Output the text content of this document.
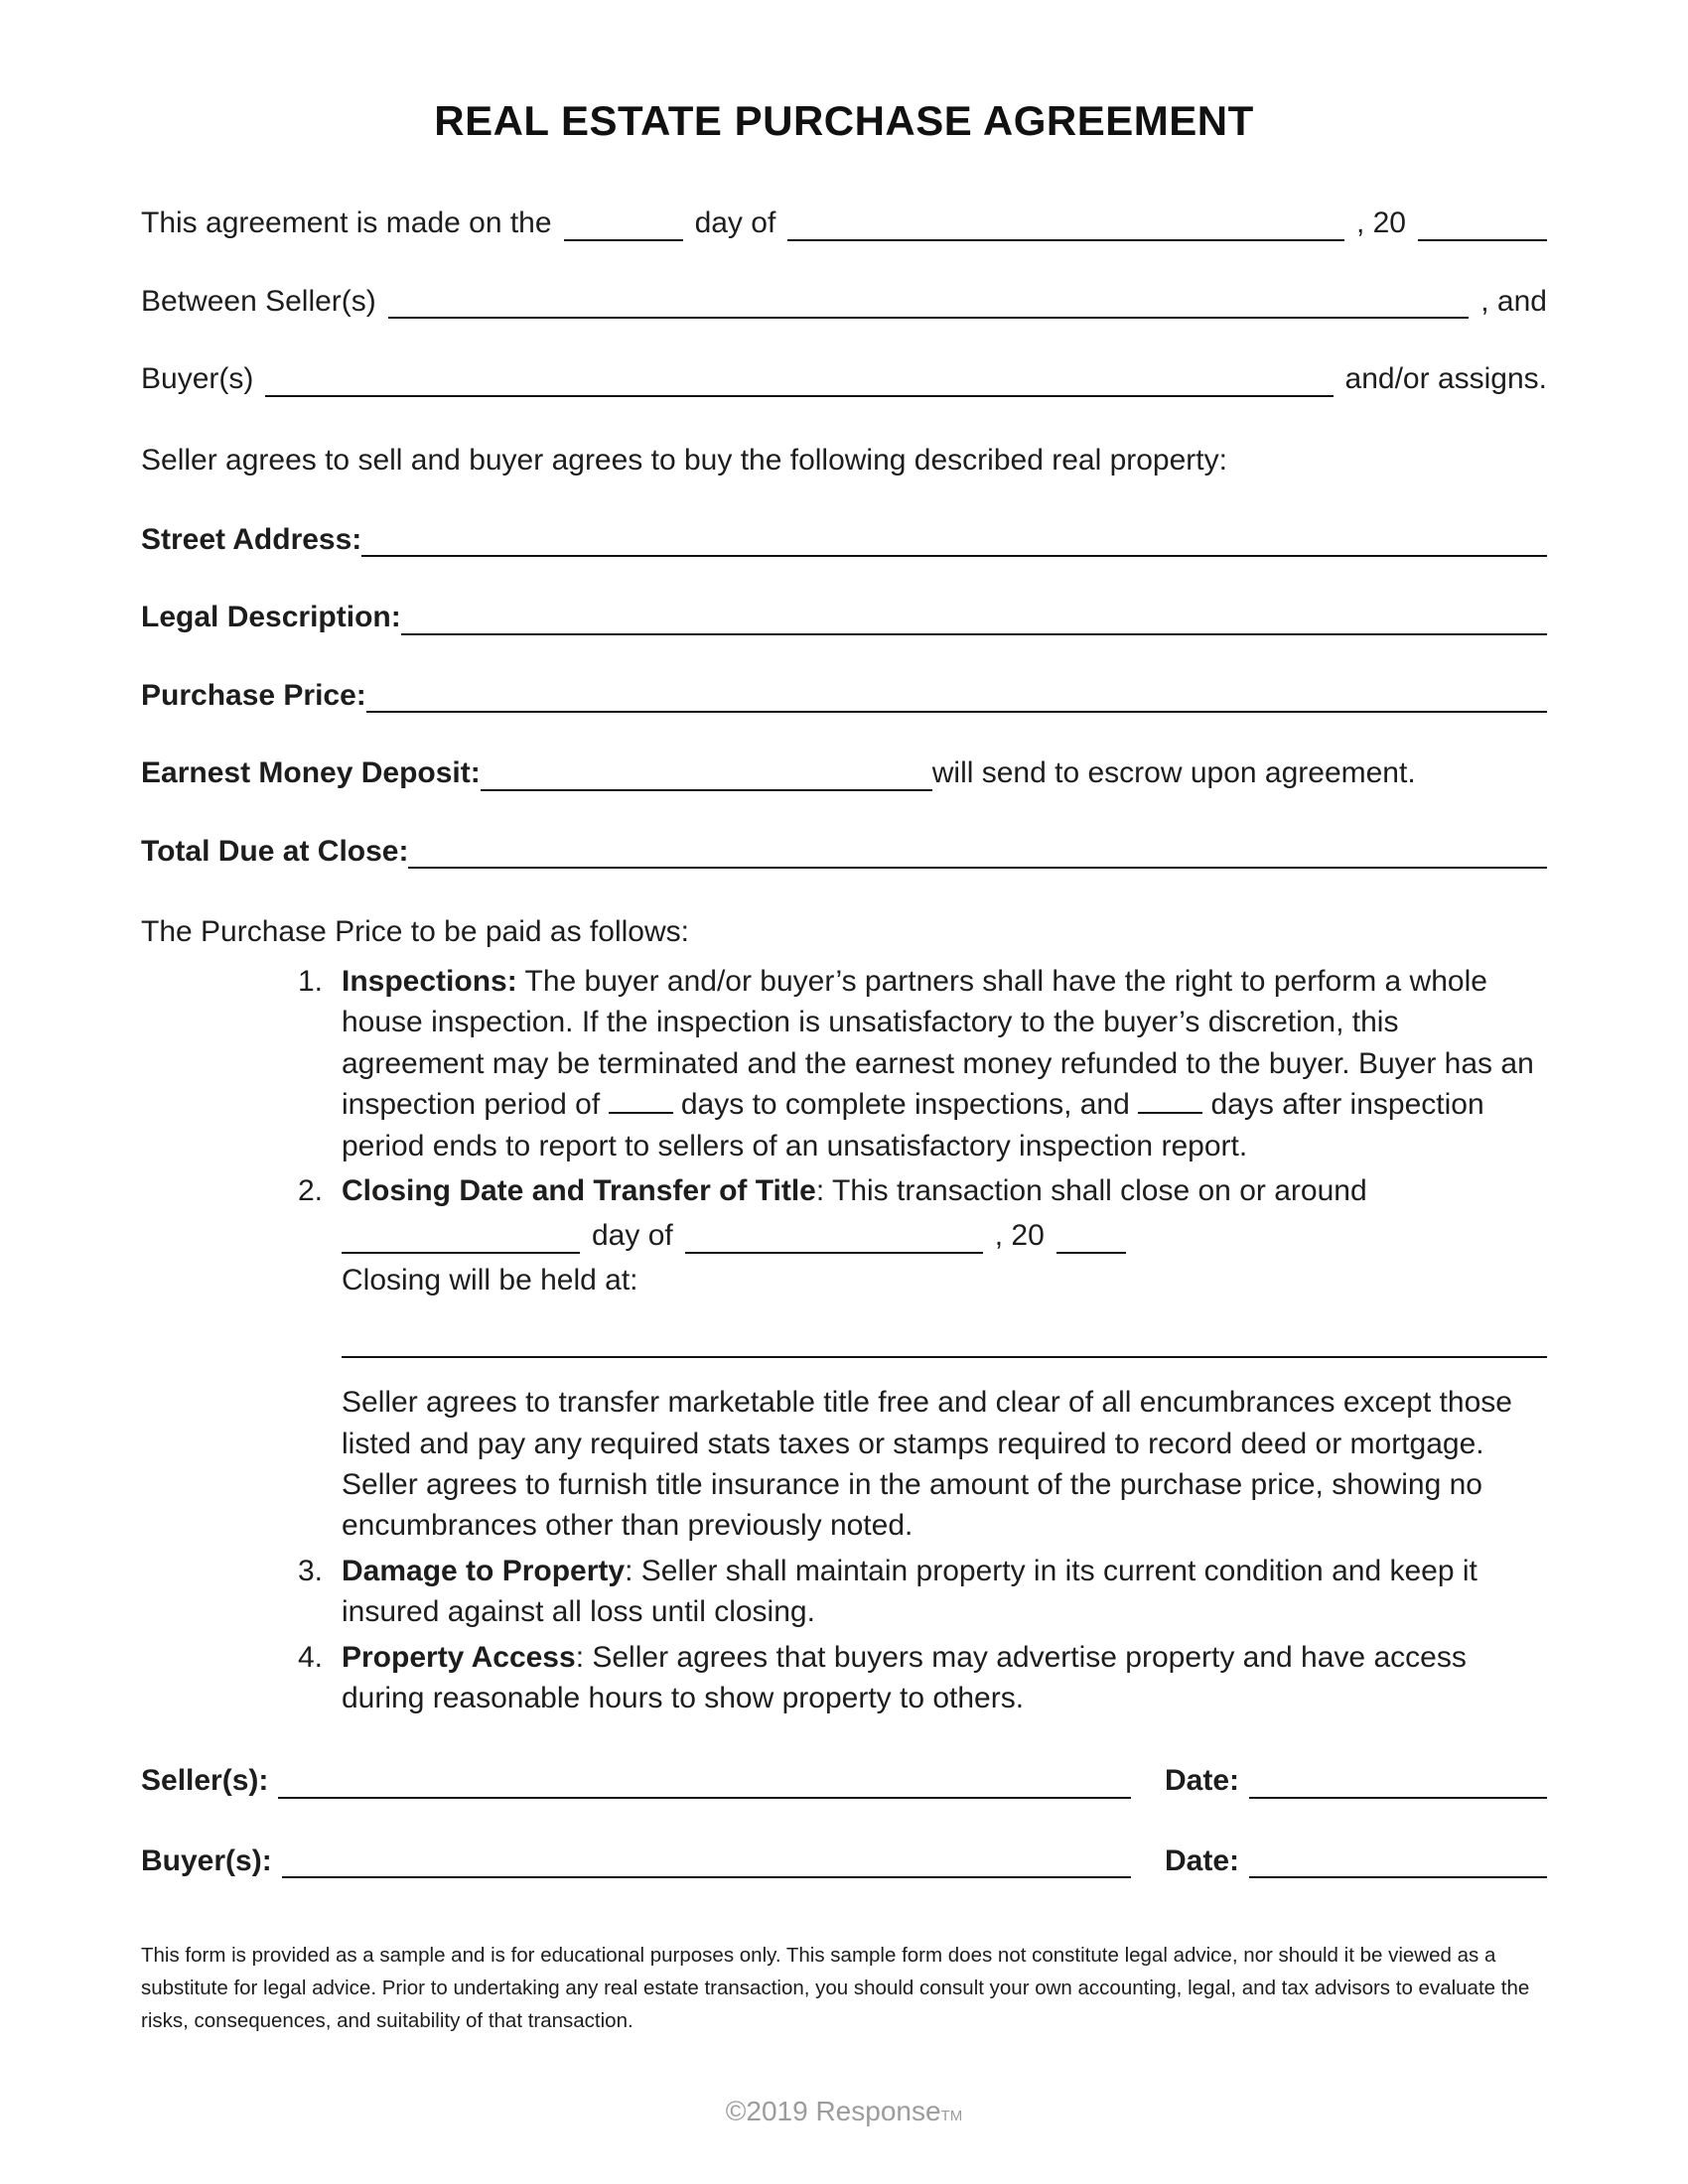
REAL ESTATE PURCHASE AGREEMENT
This agreement is made on the	day of	, 20
Between Seller(s)	, and
Buyer(s)	and/or assigns.

Seller agrees to sell and buyer agrees to buy the following described real property:

Street Address:
Legal Description:
Purchase Price:
Earnest Money Deposit:	will send to escrow upon agreement.
Total Due at Close:

The Purchase Price to be paid as follows:

1. Inspections: The buyer and/or buyer’s partners shall have the right to perform a whole house inspection. If the inspection is unsatisfactory to the buyer’s discretion, this agreement may be terminated and the earnest money refunded to the buyer. Buyer has an inspection period of	days to complete inspections, and	days after inspection period ends to report to sellers of an unsatisfactory inspection report.
2. Closing Date and Transfer of Title: This transaction shall close on or around
day of	, 20
Closing will be held at:
Seller agrees to transfer marketable title free and clear of all encumbrances except those listed and pay any required stats taxes or stamps required to record deed or mortgage. Seller agrees to furnish title insurance in the amount of the purchase price, showing no encumbrances other than previously noted.
3. Damage to Property: Seller shall maintain property in its current condition and keep it insured against all loss until closing.
4. Property Access: Seller agrees that buyers may advertise property and have access during reasonable hours to show property to others.
Seller(s):	Date:
Buyer(s):	Date:

This form is provided as a sample and is for educational purposes only. This sample form does not constitute legal advice, nor should it be viewed as a substitute for legal advice. Prior to undertaking any real estate transaction, you should consult your own accounting, legal, and tax advisors to evaluate the risks, consequences, and suitability of that transaction.

©2019 ResponseTM
